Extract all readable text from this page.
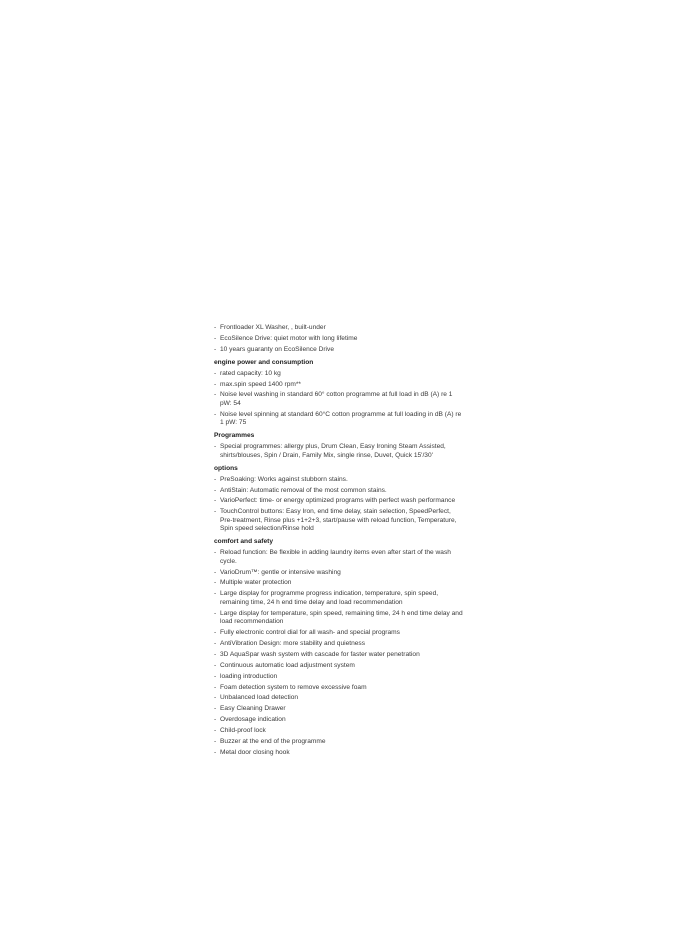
- Frontloader XL Washer, , built-under
- EcoSilence Drive: quiet motor with long lifetime
- 10 years guaranty on EcoSilence Drive
engine power and consumption
- rated capacity: 10 kg
- max.spin speed 1400 rpm**
- Noise level washing in standard 60° cotton programme at full load in dB (A) re 1 pW: 54
- Noise level spinning at standard 60°C cotton programme at full loading in dB (A) re 1 pW: 75
Programmes
- Special programmes: allergy plus, Drum Clean, Easy Ironing Steam Assisted, shirts/blouses, Spin / Drain, Family Mix, single rinse, Duvet, Quick 15'/30'
options
- PreSoaking: Works against stubborn stains.
- AntiStain: Automatic removal of the most common stains.
- VarioPerfect: time- or energy optimized programs with perfect wash performance
- TouchControl buttons: Easy Iron, end time delay, stain selection, SpeedPerfect, Pre-treatment, Rinse plus +1+2+3, start/pause with reload function, Temperature, Spin speed selection/Rinse hold
comfort and safety
- Reload function: Be flexible in adding laundry items even after start of the wash cycle.
- VarioDrum™: gentle or intensive washing
- Multiple water protection
- Large display for programme progress indication, temperature, spin speed, remaining time, 24 h end time delay and load recommendation
- Large display for temperature, spin speed, remaining time, 24 h end time delay and load recommendation
- Fully electronic control dial for all wash- and special programs
- AntiVibration Design: more stability and quietness
- 3D AquaSpar wash system with cascade for faster water penetration
- Continuous automatic load adjustment system
- loading introduction
- Foam detection system to remove excessive foam
- Unbalanced load detection
- Easy Cleaning Drawer
- Overdosage indication
- Child-proof lock
- Buzzer at the end of the programme
- Metal door closing hook
